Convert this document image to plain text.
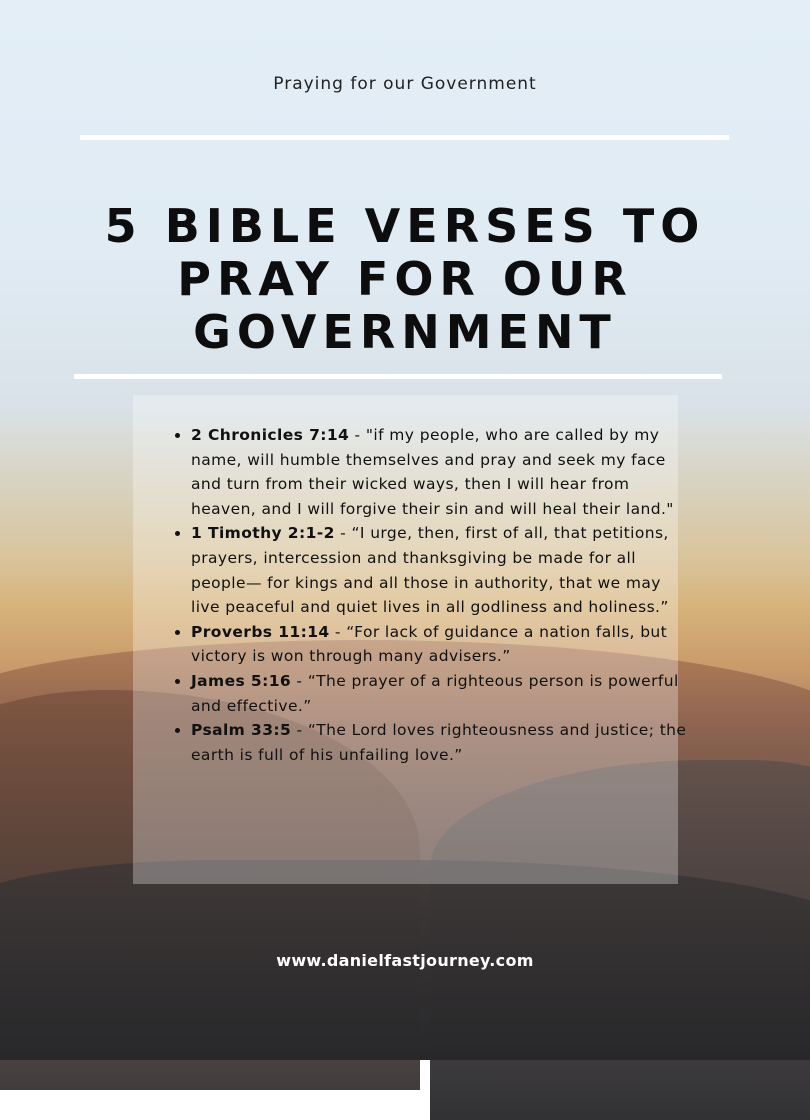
Praying for our Government
5 BIBLE VERSES TO
PRAY FOR OUR
GOVERNMENT
• 2 Chronicles 7:14 - "if my people, who are called by my name, will humble themselves and pray and seek my face and turn from their wicked ways, then I will hear from heaven, and I will forgive their sin and will heal their land."
• 1 Timothy 2:1-2 - “I urge, then, first of all, that petitions, prayers, intercession and thanksgiving be made for all people— for kings and all those in authority, that we may live peaceful and quiet lives in all godliness and holiness.”
• Proverbs 11:14 - “For lack of guidance a nation falls, but victory is won through many advisers.”
• James 5:16 - “The prayer of a righteous person is powerful and effective.”
• Psalm 33:5 - “The Lord loves righteousness and justice; the earth is full of his unfailing love.”
www.danielfastjourney.com
